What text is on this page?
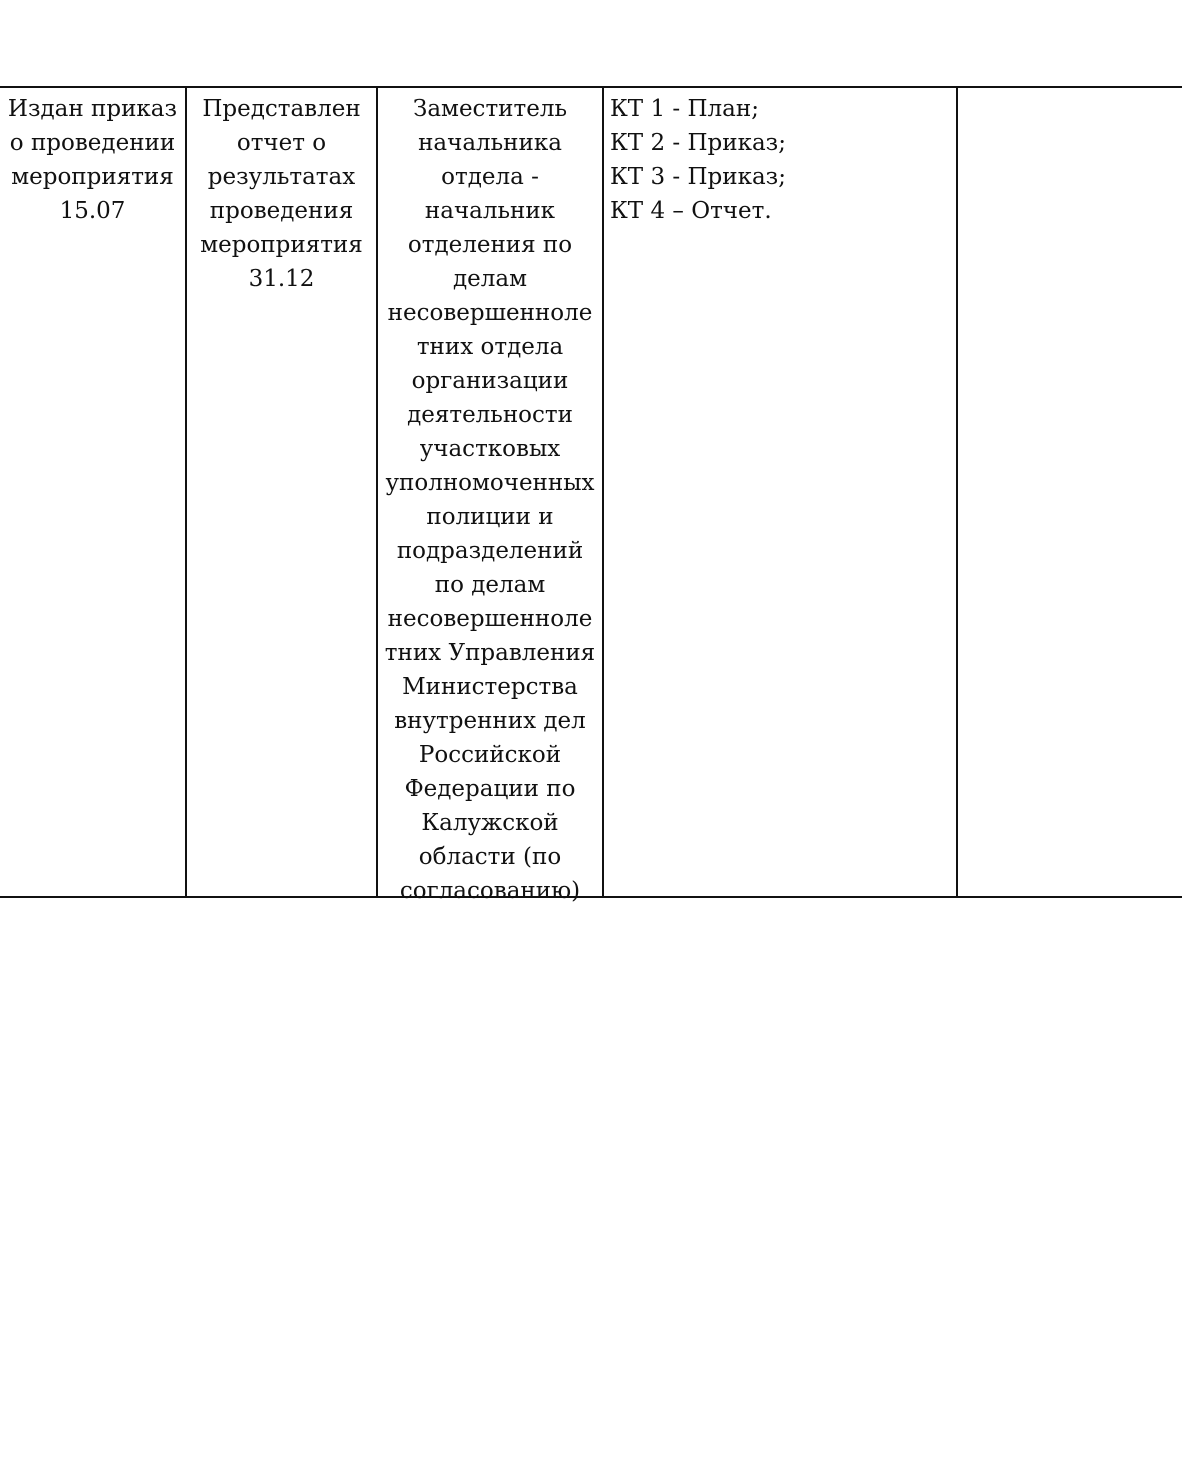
Издан приказ
о проведении
мероприятия
15.07
Представлен
отчет о
результатах
проведения
мероприятия
31.12
Заместитель
начальника
отдела -
начальник
отделения по
делам
несовершенноле
тних отдела
организации
деятельности
участковых
уполномоченных
полиции и
подразделений
по делам
несовершенноле
тних Управления
Министерства
внутренних дел
Российской
Федерации по
Калужской
области (по
согласованию)
КТ 1 - План;
КТ 2 - Приказ;
КТ 3 - Приказ;
КТ 4 – Отчет.
